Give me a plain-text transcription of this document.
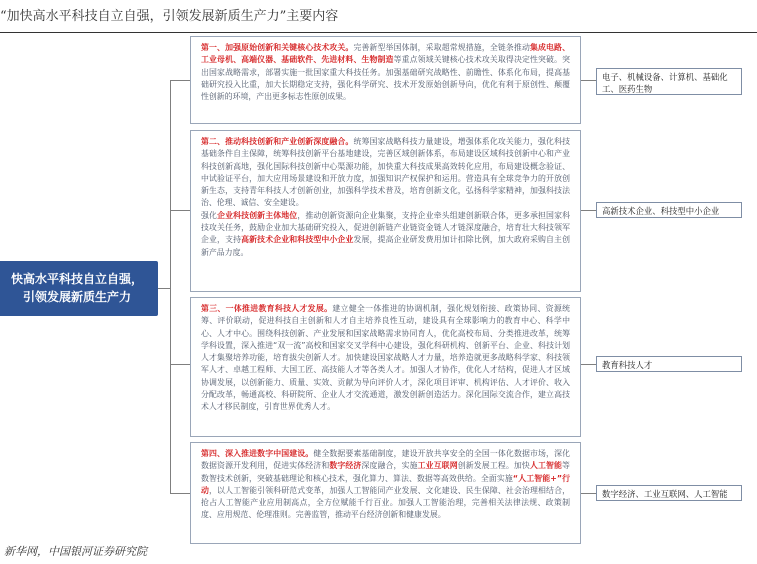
“加快高水平科技自立自强，引领发展新质生产力”主要内容
快高水平科技自立自强，
引领发展新质生产力

第一、加强原始创新和关键核心技术攻关。完善新型举国体制，采取超常规措施，全链条推动集成电路、工业母机、高端仪器、基础软件、先进材料、生物制造等重点领域关键核心技术攻关取得决定性突破。突出国家战略需求，部署实施一批国家重大科技任务。加强基础研究战略性、前瞻性、体系化布局，提高基础研究投入比重，加大长期稳定支持，强化科学研究、技术开发原始创新导向，优化有利于原创性、颠覆性创新的环境，产出更多标志性原创成果。

第二、推动科技创新和产业创新深度融合。统筹国家战略科技力量建设，增强体系化攻关能力，强化科技基础条件自主保障，统筹科技创新平台基地建设，完善区域创新体系，布局建设区域科技创新中心和产业科技创新高地，强化国际科技创新中心渠源功能，加快重大科技成果高效转化应用，布局建设概念验证、中试验证平台，加大应用场景建设和开放力度，加强知识产权保护和运用。营造具有全球竞争力的开放创新生态，支持青年科技人才创新创业，加强科学技术普及，培育创新文化，弘扬科学家精神，加强科技法治、伦理、诚信、安全建设。
强化企业科技创新主体地位，推动创新资源向企业集聚，支持企业牵头组建创新联合体，更多承担国家科技攻关任务，鼓励企业加大基础研究投入，促进创新链产业链资金链人才链深度融合，培育壮大科技领军企业，支持高新技术企业和科技型中小企业发展，提高企业研发费用加计扣除比例，加大政府采购自主创新产品力度。

第三、一体推进教育科技人才发展。建立健全一体推进的协调机制，强化规划衔接、政策协同、资源统筹、评价联动，促进科技自主创新和人才自主培养良性互动，建设具有全球影响力的教育中心、科学中心、人才中心。围绕科技创新、产业发展和国家战略需求协同育人，优化高校布局、分类推进改革，统筹学科设置，深入推进“双一流”高校和国家交叉学科中心建设，强化科研机构、创新平台、企业、科技计划人才集聚培养功能，培育拔尖创新人才。加快建设国家战略人才力量，培养造就更多战略科学家、科技领军人才、卓越工程师、大国工匠、高技能人才等各类人才。加强人才协作，优化人才结构，促进人才区域协调发展，以创新能力、质量、实效、贡献为导向评价人才，深化项目评审、机构评估、人才评价、收入分配改革，畅通高校、科研院所、企业人才交流通道，激发创新创造活力。深化国际交流合作，建立高技术人才移民制度，引育世界优秀人才。

第四、深入推进数字中国建设。健全数据要素基础制度，建设开放共享安全的全国一体化数据市场，深化数据资源开发利用，促进实体经济和数字经济深度融合，实施工业互联网创新发展工程。加快人工智能等数智技术创新，突破基础理论和核心技术，强化算力、算法、数据等高效供给。全面实施“人工智能+”行动，以人工智能引领科研范式变革，加强人工智能同产业发展、文化建设、民生保障、社会治理相结合，抢占人工智能产业应用制高点，全方位赋能千行百业。加强人工智能治理，完善相关法律法规、政策制度、应用规范、伦理准则。完善监管，推动平台经济创新和健康发展。

电子、机械设备、计算机、基础化工、医药生物
高新技术企业、科技型中小企业
教育科技人才
数字经济、工业互联网、人工智能
新华网，中国银河证券研究院
